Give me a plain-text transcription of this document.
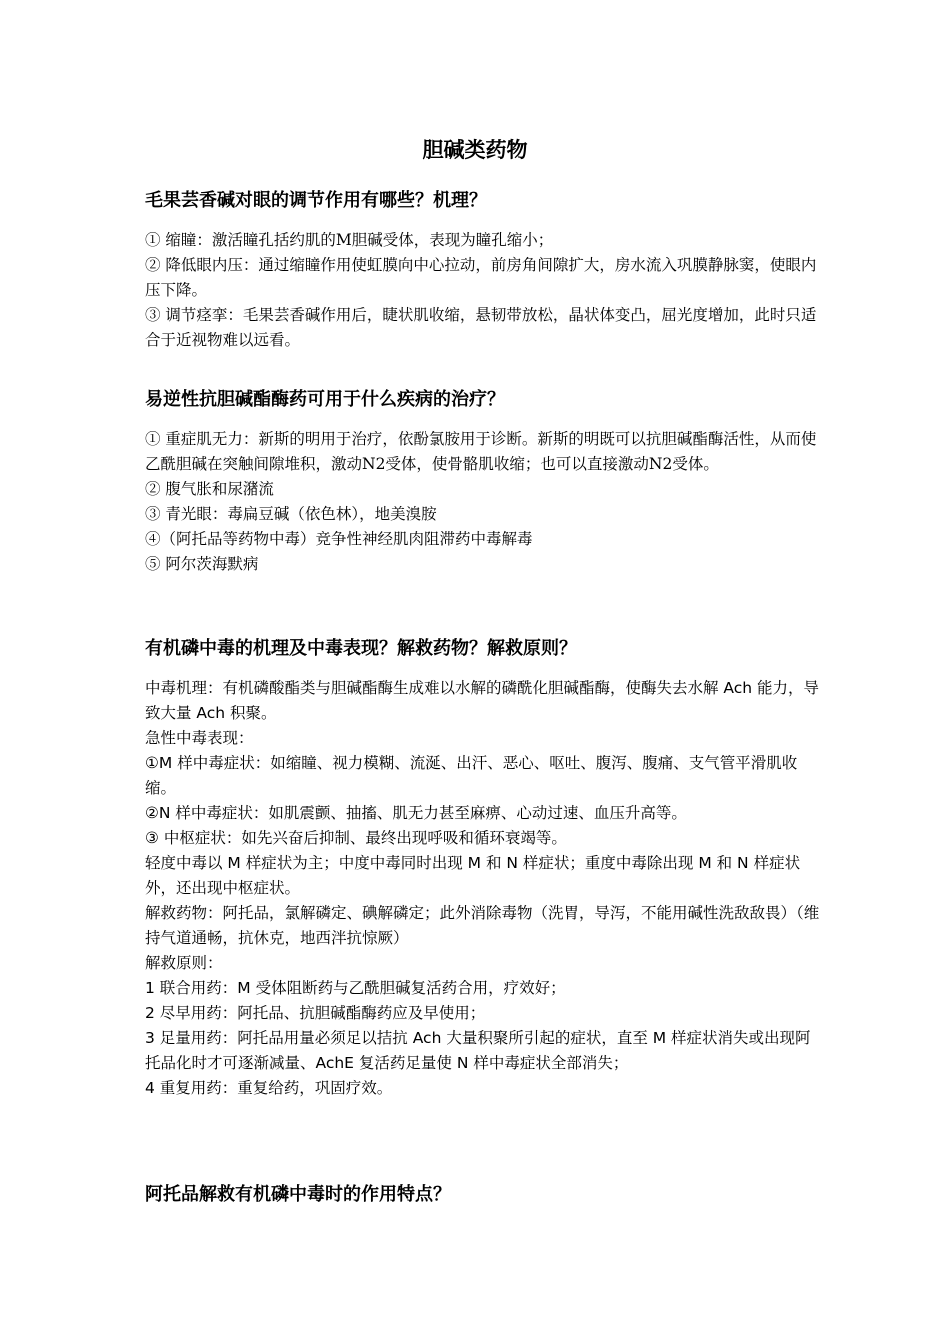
胆碱类药物
毛果芸香碱对眼的调节作用有哪些？机理？

① 缩瞳：激活瞳孔括约肌的M胆碱受体，表现为瞳孔缩小；

② 降低眼内压：通过缩瞳作用使虹膜向中心拉动，前房角间隙扩大，房水流入巩膜静脉窦，使眼内压下降。

③ 调节痉挛：毛果芸香碱作用后，睫状肌收缩，悬韧带放松，晶状体变凸，屈光度增加，此时只适合于近视物难以远看。

易逆性抗胆碱酯酶药可用于什么疾病的治疗？

① 重症肌无力：新斯的明用于治疗，依酚氯胺用于诊断。新斯的明既可以抗胆碱酯酶活性，从而使乙酰胆碱在突触间隙堆积，激动N2受体，使骨骼肌收缩；也可以直接激动N2受体。

② 腹气胀和尿潴流

③ 青光眼：毒扁豆碱（依色林），地美溴胺

④（阿托品等药物中毒）竞争性神经肌肉阻滞药中毒解毒

⑤ 阿尔茨海默病

有机磷中毒的机理及中毒表现？解救药物？解救原则？

中毒机理：有机磷酸酯类与胆碱酯酶生成难以水解的磷酰化胆碱酯酶，使酶失去水解 Ach 能力，导致大量 Ach 积聚。

急性中毒表现：

①M 样中毒症状：如缩瞳、视力模糊、流涎、出汗、恶心、呕吐、腹泻、腹痛、支气管平滑肌收缩。

②N 样中毒症状：如肌震颤、抽搐、肌无力甚至麻痹、心动过速、血压升高等。

③ 中枢症状：如先兴奋后抑制、最终出现呼吸和循环衰竭等。

轻度中毒以 M 样症状为主；中度中毒同时出现 M 和 N 样症状；重度中毒除出现 M 和 N 样症状外，还出现中枢症状。

解救药物：阿托品，氯解磷定、碘解磷定；此外消除毒物（洗胃，导泻，不能用碱性洗敌敌畏）（维持气道通畅，抗休克，地西泮抗惊厥）

解救原则：

1 联合用药：M 受体阻断药与乙酰胆碱复活药合用，疗效好；

2 尽早用药：阿托品、抗胆碱酯酶药应及早使用；

3 足量用药：阿托品用量必须足以拮抗 Ach 大量积聚所引起的症状，直至 M 样症状消失或出现阿托品化时才可逐渐减量、AchE 复活药足量使 N 样中毒症状全部消失；

4 重复用药：重复给药，巩固疗效。

阿托品解救有机磷中毒时的作用特点？
